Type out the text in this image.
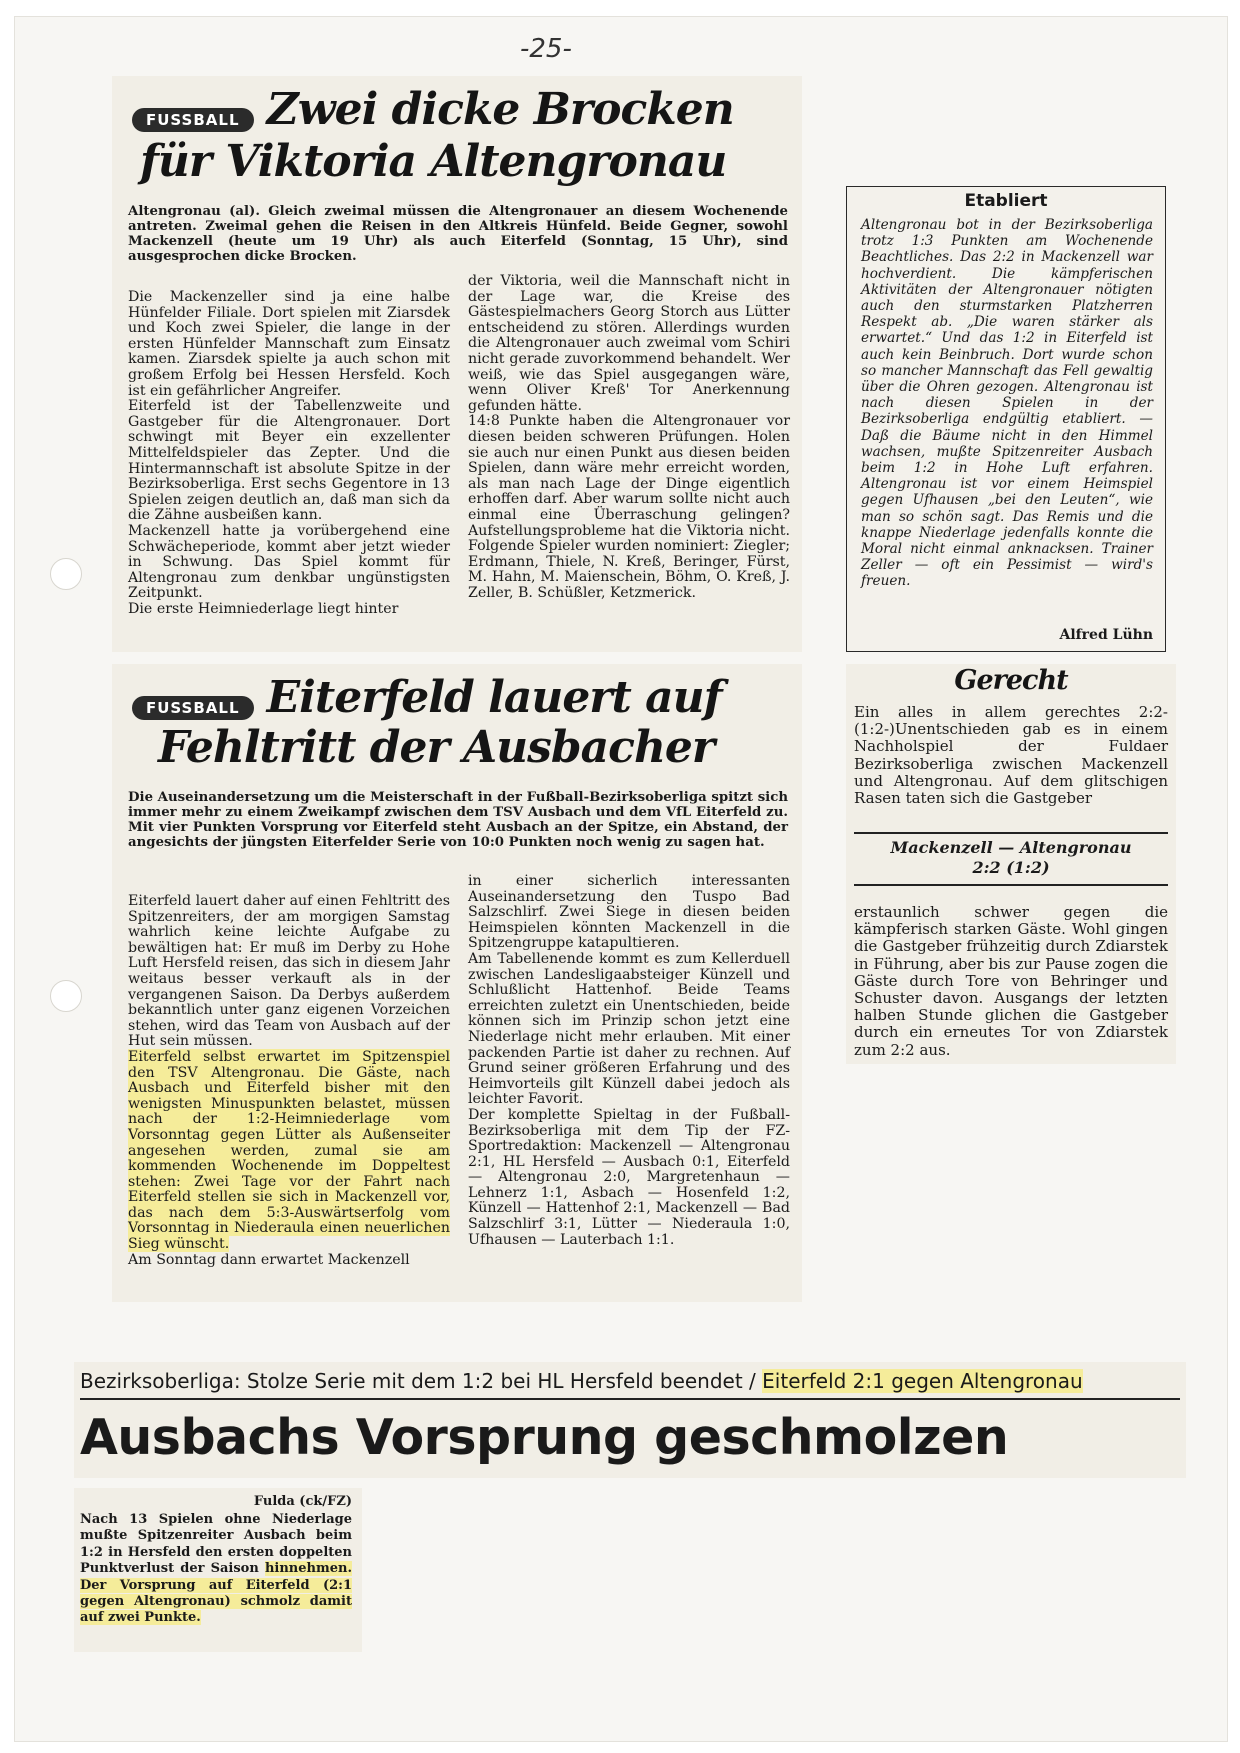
-25-
FUSSBALL Zwei dicke Brocken
für Viktoria Altengronau
Altengronau (al). Gleich zweimal müssen die Altengronauer an diesem Wochenende antreten. Zweimal gehen die Reisen in den Altkreis Hünfeld. Beide Gegner, sowohl Mackenzell (heute um 19 Uhr) als auch Eiterfeld (Sonntag, 15 Uhr), sind ausgesprochen dicke Brocken.

Die Mackenzeller sind ja eine halbe Hünfelder Filiale. Dort spielen mit Ziarsdek und Koch zwei Spieler, die lange in der ersten Hünfelder Mannschaft zum Einsatz kamen. Ziarsdek spielte ja auch schon mit großem Erfolg bei Hessen Hersfeld. Koch ist ein gefährlicher Angreifer.

Eiterfeld ist der Tabellenzweite und Gastgeber für die Altengronauer. Dort schwingt mit Beyer ein exzellenter Mittelfeldspieler das Zepter. Und die Hintermannschaft ist absolute Spitze in der Bezirksoberliga. Erst sechs Gegentore in 13 Spielen zeigen deutlich an, daß man sich da die Zähne ausbeißen kann.

Mackenzell hatte ja vorübergehend eine Schwächeperiode, kommt aber jetzt wieder in Schwung. Das Spiel kommt für Altengronau zum denkbar ungünstigsten Zeitpunkt.

Die erste Heimniederlage liegt hinter

der Viktoria, weil die Mannschaft nicht in der Lage war, die Kreise des Gästespielmachers Georg Storch aus Lütter entscheidend zu stören. Allerdings wurden die Altengronauer auch zweimal vom Schiri nicht gerade zuvorkommend behandelt. Wer weiß, wie das Spiel ausgegangen wäre, wenn Oliver Kreß' Tor Anerkennung gefunden hätte.

14:8 Punkte haben die Altengronauer vor diesen beiden schweren Prüfungen. Holen sie auch nur einen Punkt aus diesen beiden Spielen, dann wäre mehr erreicht worden, als man nach Lage der Dinge eigentlich erhoffen darf. Aber warum sollte nicht auch einmal eine Überraschung gelingen? Aufstellungsprobleme hat die Viktoria nicht. Folgende Spieler wurden nominiert: Ziegler; Erdmann, Thiele, N. Kreß, Beringer, Fürst, M. Hahn, M. Maienschein, Böhm, O. Kreß, J. Zeller, B. Schüßler, Ketzmerick.

FUSSBALL Eiterfeld lauert auf
Fehltritt der Ausbacher
Die Auseinandersetzung um die Meisterschaft in der Fußball-Bezirksoberliga spitzt sich immer mehr zu einem Zweikampf zwischen dem TSV Ausbach und dem VfL Eiterfeld zu. Mit vier Punkten Vorsprung vor Eiterfeld steht Ausbach an der Spitze, ein Abstand, der angesichts der jüngsten Eiterfelder Serie von 10:0 Punkten noch wenig zu sagen hat.

Eiterfeld lauert daher auf einen Fehltritt des Spitzenreiters, der am morgigen Samstag wahrlich keine leichte Aufgabe zu bewältigen hat: Er muß im Derby zu Hohe Luft Hersfeld reisen, das sich in diesem Jahr weitaus besser verkauft als in der vergangenen Saison. Da Derbys außerdem bekanntlich unter ganz eigenen Vorzeichen stehen, wird das Team von Ausbach auf der Hut sein müssen.

Eiterfeld selbst erwartet im Spitzenspiel den TSV Altengronau. Die Gäste, nach Ausbach und Eiterfeld bisher mit den wenigsten Minuspunkten belastet, müssen nach der 1:2-Heimniederlage vom Vorsonntag gegen Lütter als Außenseiter angesehen werden, zumal sie am kommenden Wochenende im Doppeltest stehen: Zwei Tage vor der Fahrt nach Eiterfeld stellen sie sich in Mackenzell vor, das nach dem 5:3-Auswärtserfolg vom Vorsonntag in Niederaula einen neuerlichen Sieg wünscht.

Am Sonntag dann erwartet Mackenzell

in einer sicherlich interessanten Auseinandersetzung den Tuspo Bad Salzschlirf. Zwei Siege in diesen beiden Heimspielen könnten Mackenzell in die Spitzengruppe katapultieren.

Am Tabellenende kommt es zum Kellerduell zwischen Landesligaabsteiger Künzell und Schlußlicht Hattenhof. Beide Teams erreichten zuletzt ein Unentschieden, beide können sich im Prinzip schon jetzt eine Niederlage nicht mehr erlauben. Mit einer packenden Partie ist daher zu rechnen. Auf Grund seiner größeren Erfahrung und des Heimvorteils gilt Künzell dabei jedoch als leichter Favorit.

Der komplette Spieltag in der Fußball-Bezirksoberliga mit dem Tip der FZ-Sportredaktion: Mackenzell — Altengronau 2:1, HL Hersfeld — Ausbach 0:1, Eiterfeld — Altengronau 2:0, Margretenhaun — Lehnerz 1:1, Asbach — Hosenfeld 1:2, Künzell — Hattenhof 2:1, Mackenzell — Bad Salzschlirf 3:1, Lütter — Niederaula 1:0, Ufhausen — Lauterbach 1:1.

Etabliert
Altengronau bot in der Bezirksoberliga trotz 1:3 Punkten am Wochenende Beachtliches. Das 2:2 in Mackenzell war hochverdient. Die kämpferischen Aktivitäten der Altengronauer nötigten auch den sturmstarken Platzherren Respekt ab. „Die waren stärker als erwartet.“ Und das 1:2 in Eiterfeld ist auch kein Beinbruch. Dort wurde schon so mancher Mannschaft das Fell gewaltig über die Ohren gezogen. Altengronau ist nach diesen Spielen in der Bezirksoberliga endgültig etabliert. — Daß die Bäume nicht in den Himmel wachsen, mußte Spitzenreiter Ausbach beim 1:2 in Hohe Luft erfahren. Altengronau ist vor einem Heimspiel gegen Ufhausen „bei den Leuten“, wie man so schön sagt. Das Remis und die knappe Niederlage jedenfalls konnte die Moral nicht einmal anknacksen. Trainer Zeller — oft ein Pessimist — wird's freuen.
Alfred Lühn
Gerecht
Ein alles in allem gerechtes 2:2-(1:2-)Unentschieden gab es in einem Nachholspiel der Fuldaer Bezirksoberliga zwischen Mackenzell und Altengronau. Auf dem glitschigen Rasen taten sich die Gastgeber
Mackenzell — Altengronau
2:2 (1:2)
erstaunlich schwer gegen die kämpferisch starken Gäste. Wohl gingen die Gastgeber frühzeitig durch Zdiarstek in Führung, aber bis zur Pause zogen die Gäste durch Tore von Behringer und Schuster davon. Ausgangs der letzten halben Stunde glichen die Gastgeber durch ein erneutes Tor von Zdiarstek zum 2:2 aus.
Bezirksoberliga: Stolze Serie mit dem 1:2 bei HL Hersfeld beendet / Eiterfeld 2:1 gegen Altengronau
Ausbachs Vorsprung geschmolzen
Fulda (ck/FZ)
Nach 13 Spielen ohne Niederlage mußte Spitzenreiter Ausbach beim 1:2 in Hersfeld den ersten doppelten Punktverlust der Saison hinnehmen. Der Vorsprung auf Eiterfeld (2:1 gegen Altengronau) schmolz damit auf zwei Punkte.
